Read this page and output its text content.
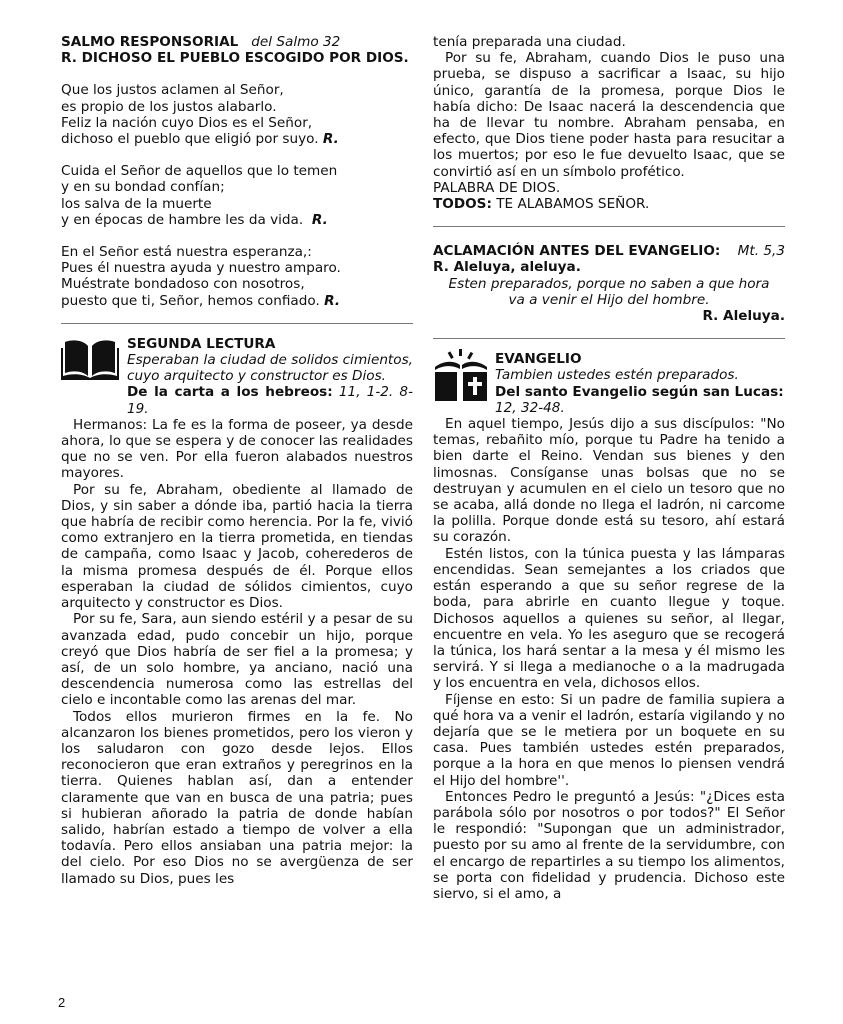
SALMO RESPONSORIAL del Salmo 32
R. DICHOSO EL PUEBLO ESCOGIDO POR DIOS.
Que los justos aclamen al Señor,
es propio de los justos alabarlo.
Feliz la nación cuyo Dios es el Señor,
dichoso el pueblo que eligió por suyo. R.
Cuida el Señor de aquellos que lo temen
y en su bondad confían;
los salva de la muerte
y en épocas de hambre les da vida. R.
En el Señor está nuestra esperanza,:
Pues él nuestra ayuda y nuestro amparo.
Muéstrate bondadoso con nosotros,
puesto que ti, Señor, hemos confiado. R.
SEGUNDA LECTURA
Esperaban la ciudad de solidos cimientos, cuyo arquitecto y constructor es Dios.
De la carta a los hebreos: 11, 1-2. 8-19.

Hermanos: La fe es la forma de poseer, ya desde ahora, lo que se espera y de conocer las realidades que no se ven. Por ella fueron alabados nuestros mayores.

Por su fe, Abraham, obediente al llamado de Dios, y sin saber a dónde iba, partió hacia la tierra que habría de recibir como herencia. Por la fe, vivió como extranjero en la tierra prometida, en tiendas de campaña, como Isaac y Jacob, coherederos de la misma promesa después de él. Porque ellos esperaban la ciudad de sólidos cimientos, cuyo arquitecto y constructor es Dios.

Por su fe, Sara, aun siendo estéril y a pesar de su avanzada edad, pudo concebir un hijo, porque creyó que Dios habría de ser fiel a la promesa; y así, de un solo hombre, ya anciano, nació una descendencia numerosa como las estrellas del cielo e incontable como las arenas del mar.

Todos ellos murieron firmes en la fe. No alcanzaron los bienes prometidos, pero los vieron y los saludaron con gozo desde lejos. Ellos reconocieron que eran extraños y peregrinos en la tierra. Quienes hablan así, dan a entender claramente que van en busca de una patria; pues si hubieran añorado la patria de donde habían salido, habrían estado a tiempo de volver a ella todavía. Pero ellos ansiaban una patria mejor: la del cielo. Por eso Dios no se avergüenza de ser llamado su Dios, pues les

tenía preparada una ciudad.

Por su fe, Abraham, cuando Dios le puso una prueba, se dispuso a sacrificar a Isaac, su hijo único, garantía de la promesa, porque Dios le había dicho: De Isaac nacerá la descendencia que ha de llevar tu nombre. Abraham pensaba, en efecto, que Dios tiene poder hasta para resucitar a los muertos; por eso le fue devuelto Isaac, que se convirtió así en un símbolo profético.

PALABRA DE DIOS.
TODOS: TE ALABAMOS SEÑOR.
ACLAMACIÓN ANTES DEL EVANGELIO: Mt. 5,3
R. Aleluya, aleluya.

Esten preparados, porque no saben a que hora va a venir el Hijo del hombre.

R. Aleluya.

EVANGELIO
Tambien ustedes estén preparados.
Del santo Evangelio según san Lucas:
12, 32-48.

En aquel tiempo, Jesús dijo a sus discípulos: "No temas, rebañito mío, porque tu Padre ha tenido a bien darte el Reino. Vendan sus bienes y den limosnas. Consíganse unas bolsas que no se destruyan y acumulen en el cielo un tesoro que no se acaba, allá donde no llega el ladrón, ni carcome la polilla. Porque donde está su tesoro, ahí estará su corazón.

Estén listos, con la túnica puesta y las lámparas encendidas. Sean semejantes a los criados que están esperando a que su señor regrese de la boda, para abrirle en cuanto llegue y toque. Dichosos aquellos a quienes su señor, al llegar, encuentre en vela. Yo les aseguro que se recogerá la túnica, los hará sentar a la mesa y él mismo les servirá. Y si llega a medianoche o a la madrugada y los encuentra en vela, dichosos ellos.

Fíjense en esto: Si un padre de familia supiera a qué hora va a venir el ladrón, estaría vigilando y no dejaría que se le metiera por un boquete en su casa. Pues también ustedes estén preparados, porque a la hora en que menos lo piensen vendrá el Hijo del hombre''.

Entonces Pedro le preguntó a Jesús: "¿Dices esta parábola sólo por nosotros o por todos?" El Señor le respondió: "Supongan que un administrador, puesto por su amo al frente de la servidumbre, con el encargo de repartirles a su tiempo los alimentos, se porta con fidelidad y prudencia. Dichoso este siervo, si el amo, a

2
